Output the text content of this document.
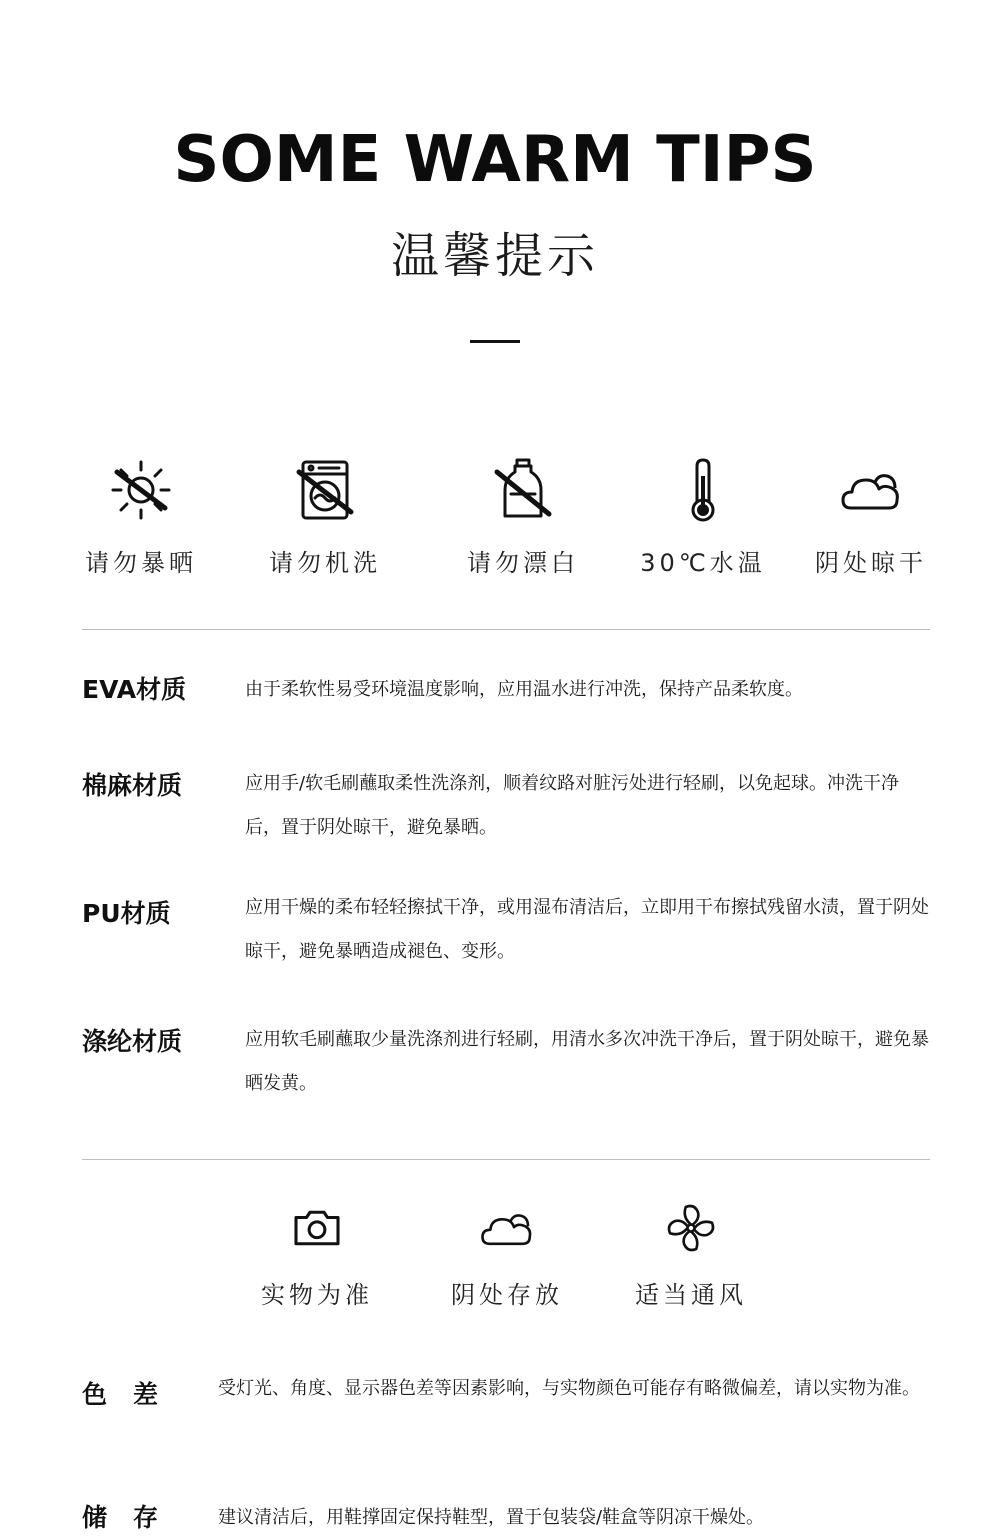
SOME WARM TIPS
温馨提示
请勿暴晒	请勿机洗	请勿漂白	30℃水温 阴处晾干
EVA材质	由于柔软性易受环境温度影响，应用温水进行冲洗，保持产品柔软度。
棉麻材质	应用手/软毛刷蘸取柔性洗涤剂，顺着纹路对脏污处进行轻刷，以免起球。冲洗干净后，置于阴处晾干，避免暴晒。
PU材质	应用干燥的柔布轻轻擦拭干净，或用湿布清洁后，立即用干布擦拭残留水渍，置于阴处晾干，避免暴晒造成褪色、变形。
涤纶材质	应用软毛刷蘸取少量洗涤剂进行轻刷，用清水多次冲洗干净后，置于阴处晾干，避免暴晒发黄。
实物为准	阴处存放	适当通风
色差 受灯光、角度、显示器色差等因素影响，与实物颜色可能存有略微偏差，请以实物为准。
储存 建议清洁后，用鞋撑固定保持鞋型，置于包装袋/鞋盒等阴凉干燥处。
